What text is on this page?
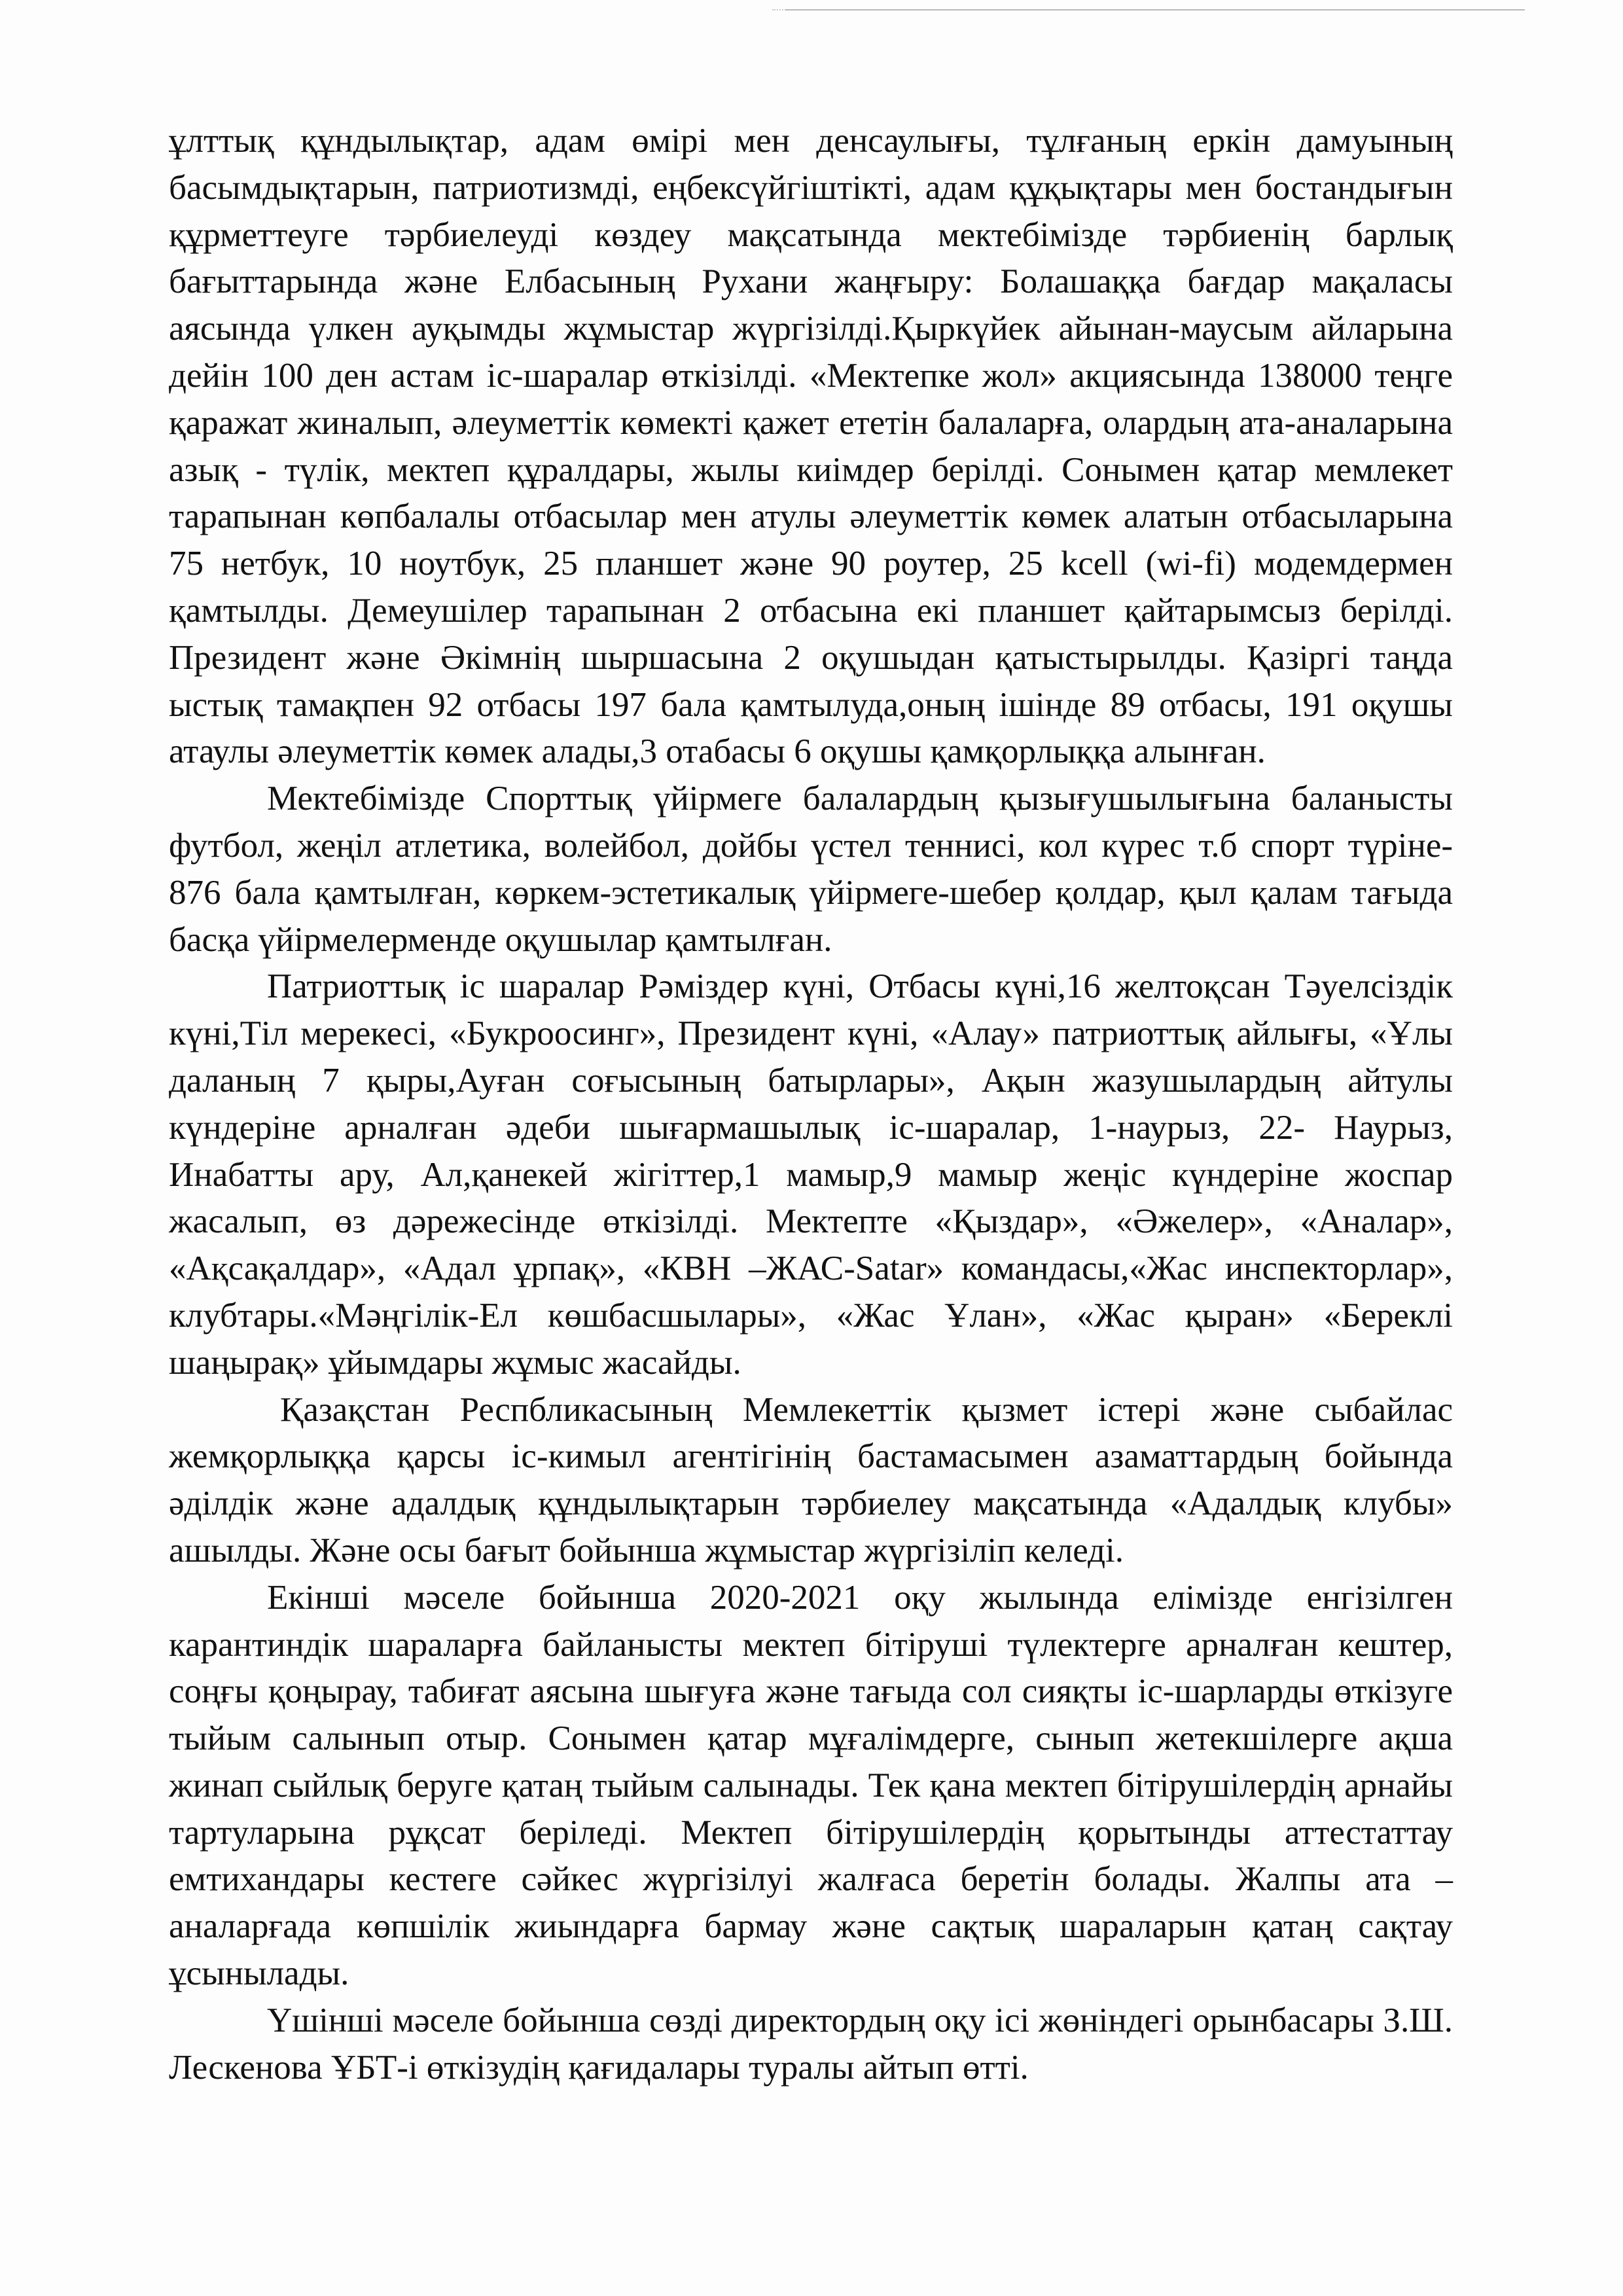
ұлттық құндылықтар, адам өмірі мен денсаулығы, тұлғаның еркін дамуының басымдықтарын, патриотизмді, еңбексүйгіштікті, адам құқықтары мен бостандығын құрметтеуге тәрбиелеуді көздеу мақсатында мектебімізде тәрбиенің барлық бағыттарында және Елбасының Рухани жаңғыру: Болашаққа бағдар мақаласы аясында үлкен ауқымды жұмыстар жүргізілді.Қыркүйек айынан-маусым айларына дейін 100 ден астам іс-шаралар өткізілді. «Мектепке жол» акциясында 138000 теңге қаражат жиналып, әлеуметтік көмекті қажет ететін балаларға, олардың ата-аналарына азық - түлік, мектеп құралдары, жылы киімдер берілді. Сонымен қатар мемлекет тарапынан көпбалалы отбасылар мен атулы әлеуметтік көмек алатын отбасыларына 75 нетбук, 10 ноутбук, 25 планшет және 90 роутер, 25 kcell (wi-fi) модемдермен қамтылды. Демеушілер тарапынан 2 отбасына екі планшет қайтарымсыз берілді. Президент және Әкімнің шыршасына 2 оқушыдан қатыстырылды. Қазіргі таңда ыстық тамақпен 92 отбасы 197 бала қамтылуда,оның ішінде 89 отбасы, 191 оқушы атаулы әлеуметтік көмек алады,3 отабасы 6 оқушы қамқорлыққа алынған.

Мектебімізде Спорттық үйірмеге балалардың қызығушылығына баланысты футбол, жеңіл атлетика, волейбол, дойбы үстел теннисі, кол күрес т.б спорт түріне- 876 бала қамтылған, көркем-эстетикалық үйірмеге-шебер қолдар, қыл қалам тағыда басқа үйірмелерменде оқушылар қамтылған.

Патриоттық іс шаралар Рәміздер күні, Отбасы күні,16 желтоқсан Тәуелсіздік күні,Тіл мерекесі, «Букроосинг», Президент күні, «Алау» патриоттық айлығы, «Ұлы даланың 7 қыры,Ауған соғысының батырлары», Ақын жазушылардың айтулы күндеріне арналған әдеби шығармашылық іс-шаралар, 1-наурыз, 22- Наурыз, Инабатты ару, Ал,қанекей жігіттер,1 мамыр,9 мамыр жеңіс күндеріне жоспар жасалып, өз дәрежесінде өткізілді. Мектепте «Қыздар», «Әжелер», «Аналар», «Ақсақалдар», «Адал ұрпақ», «КВН –ЖАС-Satar» командасы,«Жас инспекторлар», клубтары.«Мәңгілік-Ел көшбасшылары», «Жас Ұлан», «Жас қыран» «Береклі шаңырақ» ұйымдары жұмыс жасайды.

Қазақстан Респбликасының Мемлекеттік қызмет істері және сыбайлас жемқорлыққа қарсы іс-кимыл агентігінің бастамасымен азаматтардың бойында әділдік және адалдық құндылықтарын тәрбиелеу мақсатында «Адалдық клубы» ашылды. Және осы бағыт бойынша жұмыстар жүргізіліп келеді.

Екінші мәселе бойынша 2020-2021 оқу жылында елімізде енгізілген карантиндік шараларға байланысты мектеп бітіруші түлектерге арналған кештер, соңғы қоңырау, табиғат аясына шығуға және тағыда сол сияқты іс-шарларды өткізуге тыйым салынып отыр. Сонымен қатар мұғалімдерге, сынып жетекшілерге ақша жинап сыйлық беруге қатаң тыйым салынады. Тек қана мектеп бітірушілердің арнайы тартуларына рұқсат беріледі. Мектеп бітірушілердің қорытынды аттестаттау емтихандары кестеге сәйкес жүргізілуі жалғаса беретін болады. Жалпы ата –аналарғада көпшілік жиындарға бармау және сақтық шараларын қатаң сақтау ұсынылады.

Үшінші мәселе бойынша сөзді директордың оқу ісі жөніндегі орынбасары З.Ш. Лескенова ҰБТ-і өткізудің қағидалары туралы айтып өтті.
